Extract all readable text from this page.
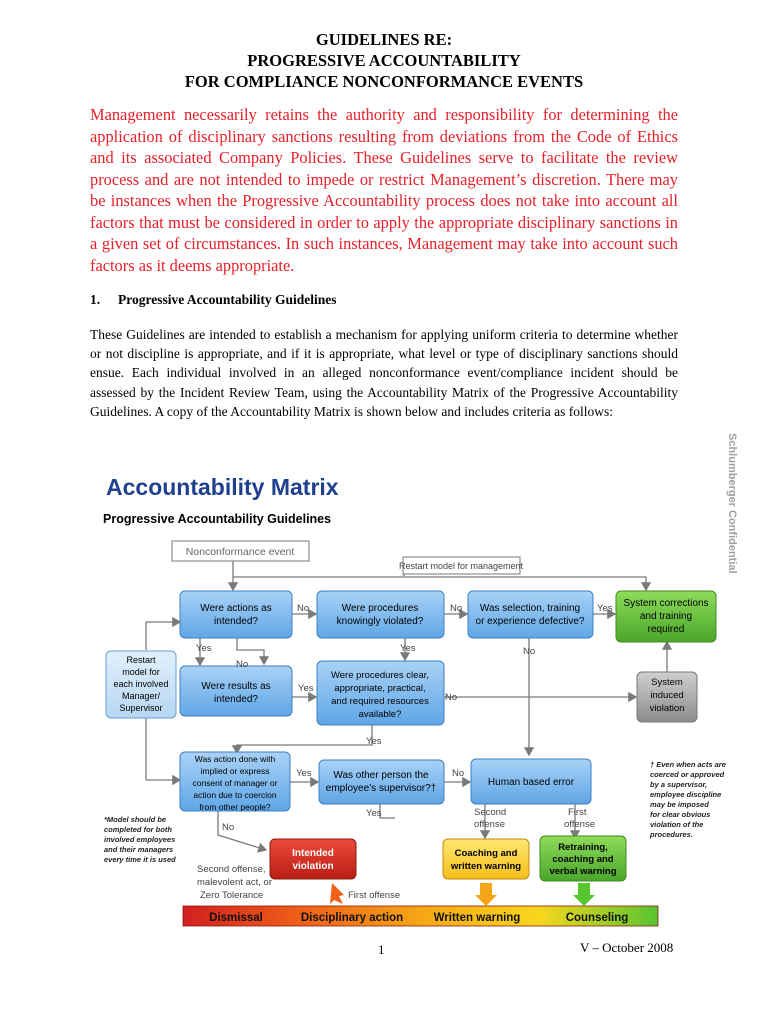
GUIDELINES RE:
PROGRESSIVE ACCOUNTABILITY
FOR COMPLIANCE NONCONFORMANCE EVENTS

Management necessarily retains the authority and responsibility for determining the application of disciplinary sanctions resulting from deviations from the Code of Ethics and its associated Company Policies. These Guidelines serve to facilitate the review process and are not intended to impede or restrict Management’s discretion. There may be instances when the Progressive Accountability process does not take into account all factors that must be considered in order to apply the appropriate disciplinary sanctions in a given set of circumstances. In such instances, Management may take into account such factors as it deems appropriate.

1. Progressive Accountability Guidelines

These Guidelines are intended to establish a mechanism for applying uniform criteria to determine whether or not discipline is appropriate, and if it is appropriate, what level or type of disciplinary sanctions should ensue. Each individual involved in an alleged nonconformance event/compliance incident should be assessed by the Incident Review Team, using the Accountability Matrix of the Progressive Accountability Guidelines. A copy of the Accountability Matrix is shown below and includes criteria as follows:

Schlumberger Confidential
Accountability Matrix
Progressive Accountability Guidelines
Nonconformance event
Restart model for management
Were actions as
intended?
Were procedures
knowingly violated?
Was selection, training
or experience defective?
System corrections
and training
required
Restart
model for
each involved
Manager/
Supervisor
Were results as
intended?
Were procedures clear,
appropriate, practical,
and required resources
available?
System
induced
violation
Was action done with
implied or express
consent of manager or
action due to coercion
from other people?
Was other person the
employee’s supervisor?†
Human based error
Intended
violation
Coaching and
written warning
Retraining,
coaching and
verbal warning
No	No	Yes
Yes
No
Yes	No
Yes
No
Yes
Yes	No
Yes
No
Second
offense
First
offense
Second offense,
malevolent act, or
Zero Tolerance	First offense
*Model should be
completed for both
involved employees
and their managers
every time it is used
† Even when acts are
coerced or approved
by a supervisor,
employee discipline
may be imposed
for clear obvious
violation of the
procedures.
Dismissal	Disciplinary action	Written warning	Counseling
1	V – October 2008
